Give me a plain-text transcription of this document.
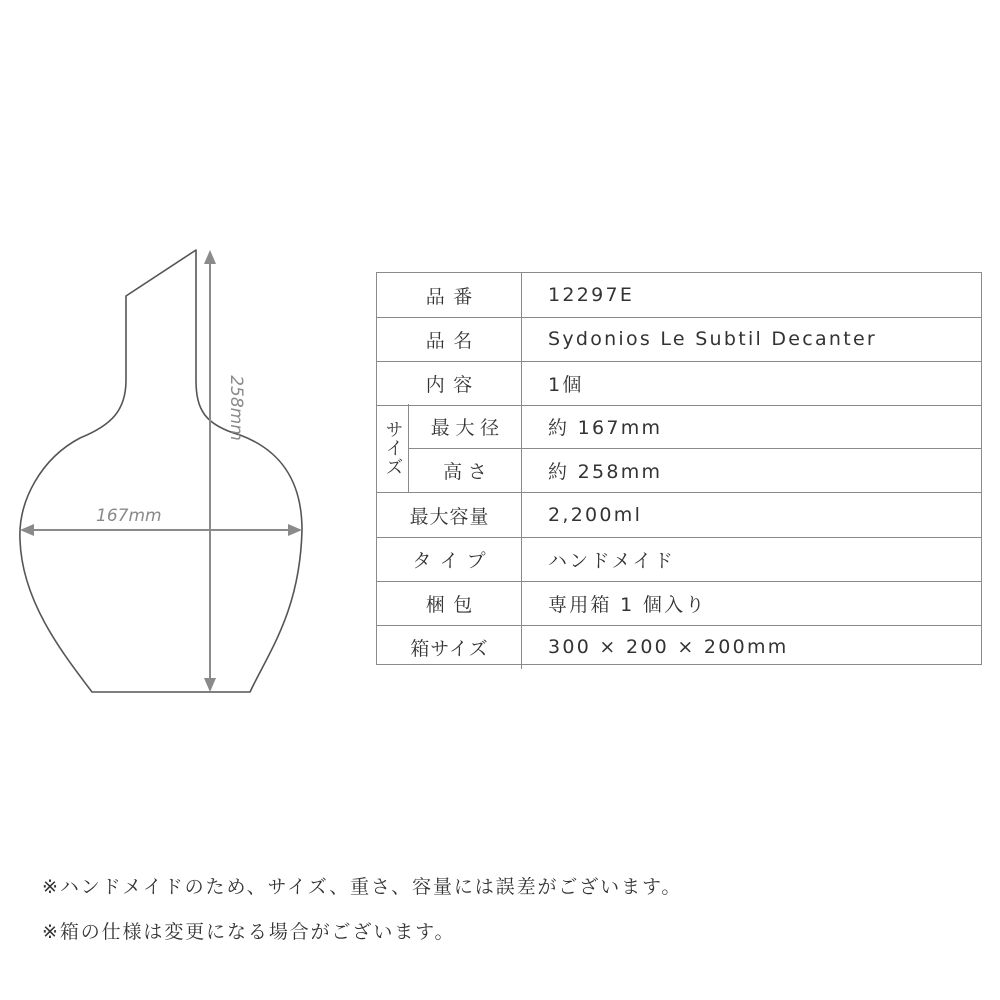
167mm
258mm
品番	12297E
品名	Sydonios Le Subtil Decanter
内容	1個
サイズ	最大径	約 167mm
高さ	約 258mm
最大容量	2,200ml
タイプ	ハンドメイド
梱包	専用箱 1 個入り
箱サイズ	300 × 200 × 200mm
※ハンドメイドのため、サイズ、重さ、容量には誤差がございます。
※箱の仕様は変更になる場合がございます。
